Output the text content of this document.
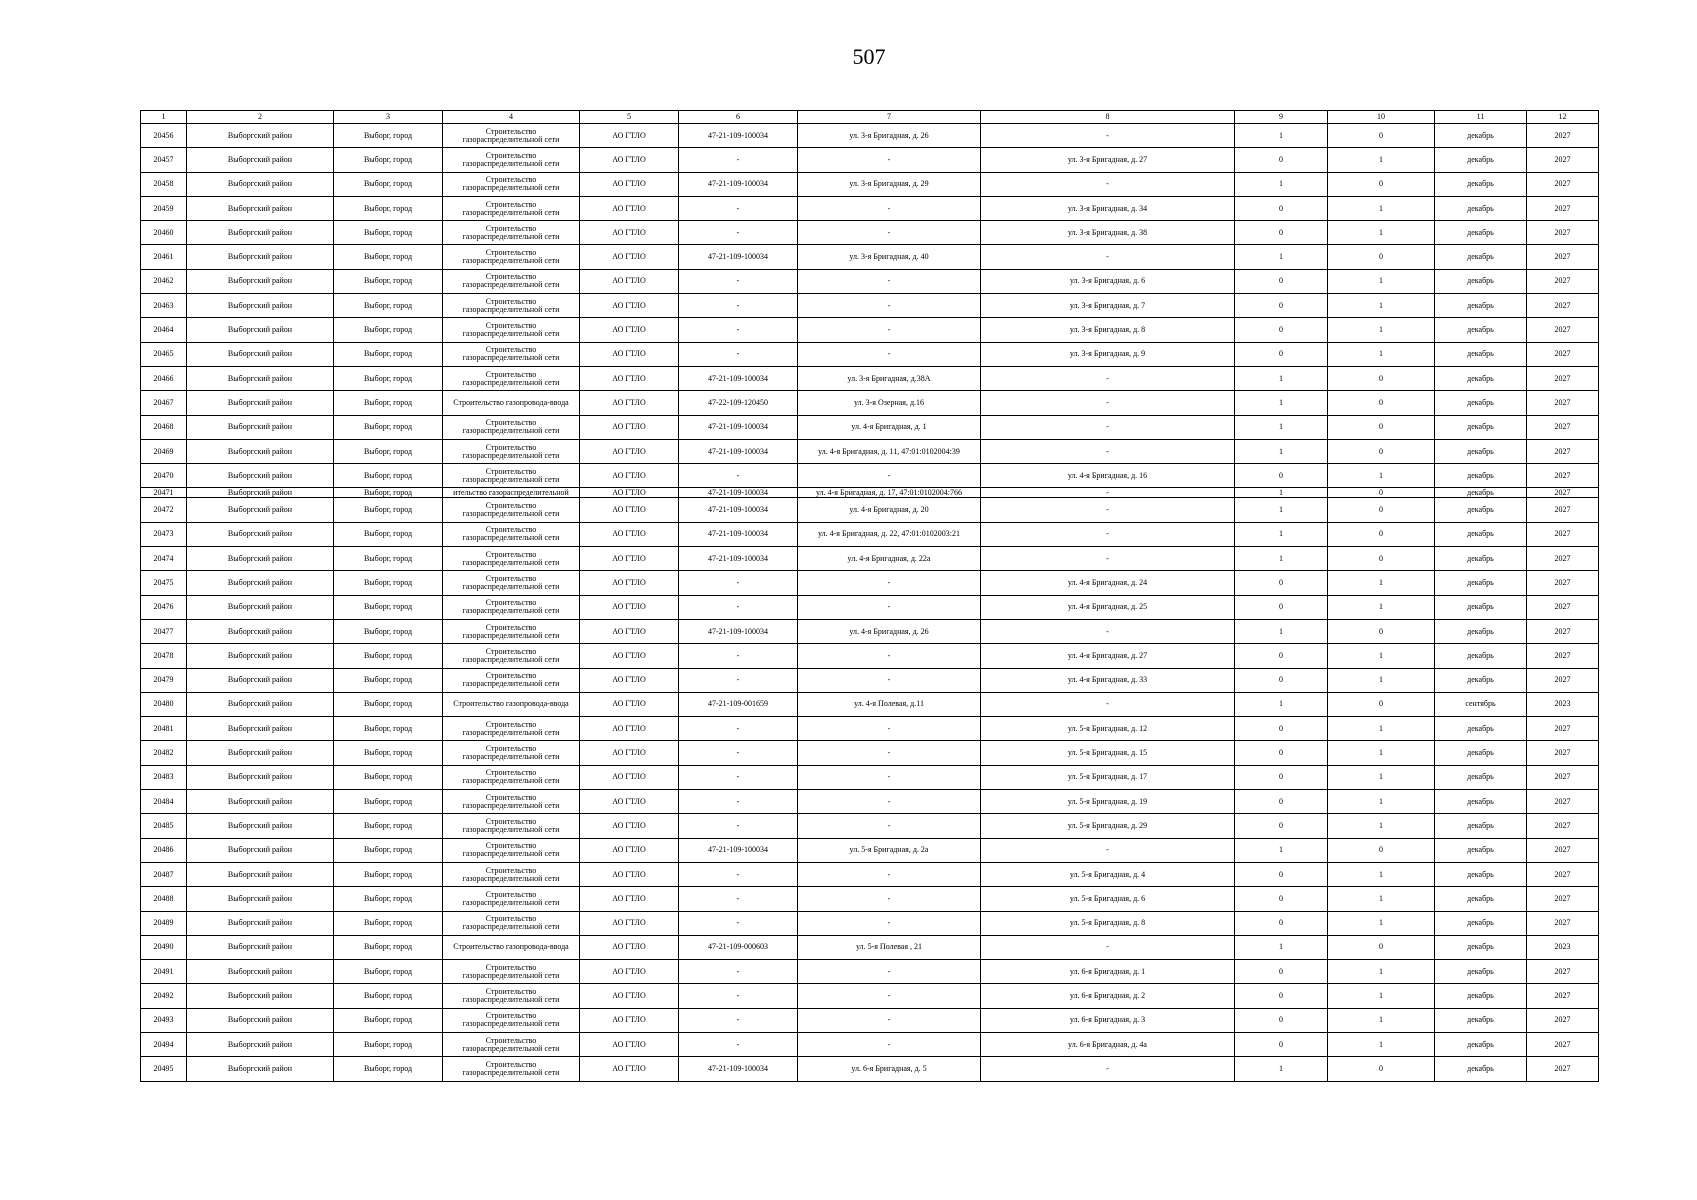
507
1	2	3	4	5	6	7	8	9	10	11	12
20456	Выборгский район	Выборг, город	Строительство газораспределительной сети	АО ГТЛО	47-21-109-100034	ул. 3-я Бригадная, д. 26	-	1	0	декабрь	2027
20457	Выборгский район	Выборг, город	Строительство газораспределительной сети	АО ГТЛО	-	-	ул. 3-я Бригадная, д. 27	0	1	декабрь	2027
20458	Выборгский район	Выборг, город	Строительство газораспределительной сети	АО ГТЛО	47-21-109-100034	ул. 3-я Бригадная, д. 29	-	1	0	декабрь	2027
20459	Выборгский район	Выборг, город	Строительство газораспределительной сети	АО ГТЛО	-	-	ул. 3-я Бригадная, д. 34	0	1	декабрь	2027
20460	Выборгский район	Выборг, город	Строительство газораспределительной сети	АО ГТЛО	-	-	ул. 3-я Бригадная, д. 38	0	1	декабрь	2027
20461	Выборгский район	Выборг, город	Строительство газораспределительной сети	АО ГТЛО	47-21-109-100034	ул. 3-я Бригадная, д. 40	-	1	0	декабрь	2027
20462	Выборгский район	Выборг, город	Строительство газораспределительной сети	АО ГТЛО	-	-	ул. 3-я Бригадная, д. 6	0	1	декабрь	2027
20463	Выборгский район	Выборг, город	Строительство газораспределительной сети	АО ГТЛО	-	-	ул. 3-я Бригадная, д. 7	0	1	декабрь	2027
20464	Выборгский район	Выборг, город	Строительство газораспределительной сети	АО ГТЛО	-	-	ул. 3-я Бригадная, д. 8	0	1	декабрь	2027
20465	Выборгский район	Выборг, город	Строительство газораспределительной сети	АО ГТЛО	-	-	ул. 3-я Бригадная, д. 9	0	1	декабрь	2027
20466	Выборгский район	Выборг, город	Строительство газораспределительной сети	АО ГТЛО	47-21-109-100034	ул. 3-я Бригадная, д.38А	-	1	0	декабрь	2027
20467	Выборгский район	Выборг, город	Строительство газопровода-ввода	АО ГТЛО	47-22-109-120450	ул. 3-я Озерная, д.16	-	1	0	декабрь	2027
20468	Выборгский район	Выборг, город	Строительство газораспределительной сети	АО ГТЛО	47-21-109-100034	ул. 4-я Бригадная, д. 1	-	1	0	декабрь	2027
20469	Выборгский район	Выборг, город	Строительство газораспределительной сети	АО ГТЛО	47-21-109-100034	ул. 4-я Бригадная, д. 11, 47:01:0102004:39	-	1	0	декабрь	2027
20470	Выборгский район	Выборг, город	Строительство газораспределительной сети	АО ГТЛО	-	-	ул. 4-я Бригадная, д. 16	0	1	декабрь	2027
20471	Выборгский район	Выборг, город	ительство газораспределительной	АО ГТЛО	47-21-109-100034	ул. 4-я Бригадная, д. 17, 47:01:0102004:766	-	1	0	декабрь	2027
20472	Выборгский район	Выборг, город	Строительство газораспределительной сети	АО ГТЛО	47-21-109-100034	ул. 4-я Бригадная, д. 20	-	1	0	декабрь	2027
20473	Выборгский район	Выборг, город	Строительство газораспределительной сети	АО ГТЛО	47-21-109-100034	ул. 4-я Бригадная, д. 22, 47:01:0102003:21	-	1	0	декабрь	2027
20474	Выборгский район	Выборг, город	Строительство газораспределительной сети	АО ГТЛО	47-21-109-100034	ул. 4-я Бригадная, д. 22а	-	1	0	декабрь	2027
20475	Выборгский район	Выборг, город	Строительство газораспределительной сети	АО ГТЛО	-	-	ул. 4-я Бригадная, д. 24	0	1	декабрь	2027
20476	Выборгский район	Выборг, город	Строительство газораспределительной сети	АО ГТЛО	-	-	ул. 4-я Бригадная, д. 25	0	1	декабрь	2027
20477	Выборгский район	Выборг, город	Строительство газораспределительной сети	АО ГТЛО	47-21-109-100034	ул. 4-я Бригадная, д. 26	-	1	0	декабрь	2027
20478	Выборгский район	Выборг, город	Строительство газораспределительной сети	АО ГТЛО	-	-	ул. 4-я Бригадная, д. 27	0	1	декабрь	2027
20479	Выборгский район	Выборг, город	Строительство газораспределительной сети	АО ГТЛО	-	-	ул. 4-я Бригадная, д. 33	0	1	декабрь	2027
20480	Выборгский район	Выборг, город	Строительство газопровода-ввода	АО ГТЛО	47-21-109-001659	ул. 4-я Полевая, д.11	-	1	0	сентябрь	2023
20481	Выборгский район	Выборг, город	Строительство газораспределительной сети	АО ГТЛО	-	-	ул. 5-я Бригадная, д. 12	0	1	декабрь	2027
20482	Выборгский район	Выборг, город	Строительство газораспределительной сети	АО ГТЛО	-	-	ул. 5-я Бригадная, д. 15	0	1	декабрь	2027
20483	Выборгский район	Выборг, город	Строительство газораспределительной сети	АО ГТЛО	-	-	ул. 5-я Бригадная, д. 17	0	1	декабрь	2027
20484	Выборгский район	Выборг, город	Строительство газораспределительной сети	АО ГТЛО	-	-	ул. 5-я Бригадная, д. 19	0	1	декабрь	2027
20485	Выборгский район	Выборг, город	Строительство газораспределительной сети	АО ГТЛО	-	-	ул. 5-я Бригадная, д. 29	0	1	декабрь	2027
20486	Выборгский район	Выборг, город	Строительство газораспределительной сети	АО ГТЛО	47-21-109-100034	ул. 5-я Бригадная, д. 2а	-	1	0	декабрь	2027
20487	Выборгский район	Выборг, город	Строительство газораспределительной сети	АО ГТЛО	-	-	ул. 5-я Бригадная, д. 4	0	1	декабрь	2027
20488	Выборгский район	Выборг, город	Строительство газораспределительной сети	АО ГТЛО	-	-	ул. 5-я Бригадная, д. 6	0	1	декабрь	2027
20489	Выборгский район	Выборг, город	Строительство газораспределительной сети	АО ГТЛО	-	-	ул. 5-я Бригадная, д. 8	0	1	декабрь	2027
20490	Выборгский район	Выборг, город	Строительство газопровода-ввода	АО ГТЛО	47-21-109-000603	ул. 5-я Полевая , 21	-	1	0	декабрь	2023
20491	Выборгский район	Выборг, город	Строительство газораспределительной сети	АО ГТЛО	-	-	ул. 6-я Бригадная, д. 1	0	1	декабрь	2027
20492	Выборгский район	Выборг, город	Строительство газораспределительной сети	АО ГТЛО	-	-	ул. 6-я Бригадная, д. 2	0	1	декабрь	2027
20493	Выборгский район	Выборг, город	Строительство газораспределительной сети	АО ГТЛО	-	-	ул. 6-я Бригадная, д. 3	0	1	декабрь	2027
20494	Выборгский район	Выборг, город	Строительство газораспределительной сети	АО ГТЛО	-	-	ул. 6-я Бригадная, д. 4а	0	1	декабрь	2027
20495	Выборгский район	Выборг, город	Строительство газораспределительной сети	АО ГТЛО	47-21-109-100034	ул. 6-я Бригадная, д. 5	-	1	0	декабрь	2027
